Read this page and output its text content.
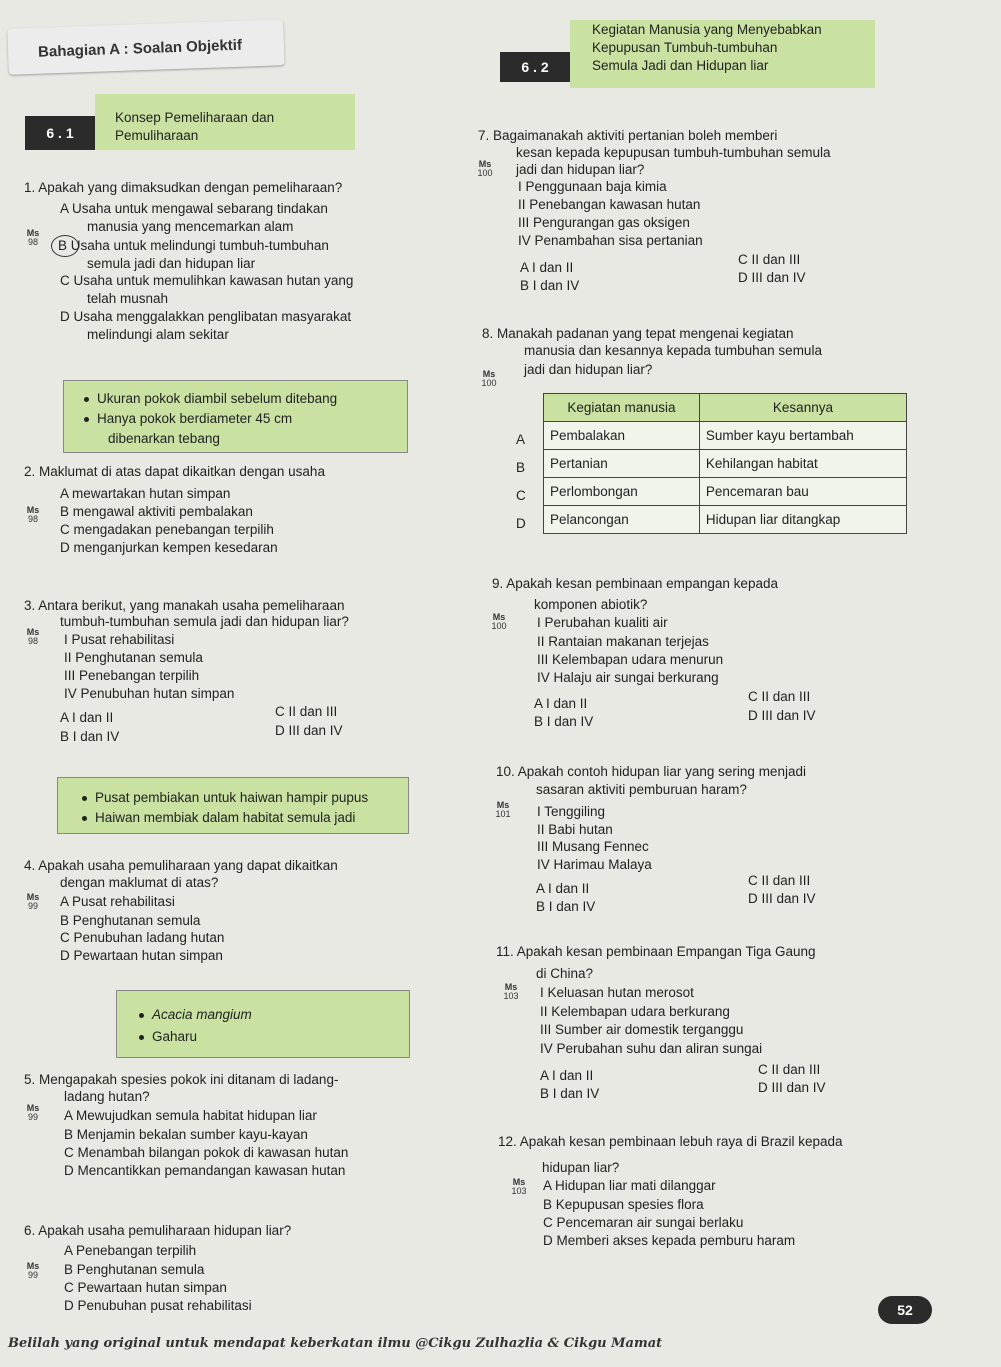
Bahagian A : Soalan Objektif
6 . 2
Kegiatan Manusia yang Menyebabkan
Kepupusan Tumbuh-tumbuhan
Semula Jadi dan Hidupan liar
6 . 1
Konsep Pemeliharaan dan
Pemuliharaan
1. Apakah yang dimaksudkan dengan pemeliharaan?
Ms
98
A Usaha untuk mengawal sebarang tindakan
manusia yang mencemarkan alam
B Usaha untuk melindungi tumbuh-tumbuhan
semula jadi dan hidupan liar
C Usaha untuk memulihkan kawasan hutan yang
telah musnah
D Usaha menggalakkan penglibatan masyarakat
melindungi alam sekitar
Ukuran pokok diambil sebelum ditebang
Hanya pokok berdiameter 45 cm
dibenarkan tebang
2. Maklumat di atas dapat dikaitkan dengan usaha
Ms
98
A mewartakan hutan simpan
B mengawal aktiviti pembalakan
C mengadakan penebangan terpilih
D menganjurkan kempen kesedaran
3. Antara berikut, yang manakah usaha pemeliharaan
tumbuh-tumbuhan semula jadi dan hidupan liar?
Ms
98	I Pusat rehabilitasi
II Penghutanan semula
III Penebangan terpilih
IV Penubuhan hutan simpan
A I dan II
B I dan IV
C II dan III
D III dan IV
Pusat pembiakan untuk haiwan hampir pupus
Haiwan membiak dalam habitat semula jadi
4. Apakah usaha pemuliharaan yang dapat dikaitkan
dengan maklumat di atas?
Ms
99	A Pusat rehabilitasi
B Penghutanan semula
C Penubuhan ladang hutan
D Pewartaan hutan simpan
Acacia mangium
Gaharu
5. Mengapakah spesies pokok ini ditanam di ladang-
ladang hutan?
Ms
99	A Mewujudkan semula habitat hidupan liar
B Menjamin bekalan sumber kayu-kayan
C Menambah bilangan pokok di kawasan hutan
D Mencantikkan pemandangan kawasan hutan
6. Apakah usaha pemuliharaan hidupan liar?
Ms
99
A Penebangan terpilih
B Penghutanan semula
C Pewartaan hutan simpan
D Penubuhan pusat rehabilitasi
7. Bagaimanakah aktiviti pertanian boleh memberi
kesan kepada kepupusan tumbuh-tumbuhan semula
Ms
100 jadi dan hidupan liar?
I Penggunaan baja kimia
II Penebangan kawasan hutan
III Pengurangan gas oksigen
IV Penambahan sisa pertanian
A I dan II
B I dan IV
C II dan III
D III dan IV
8. Manakah padanan yang tepat mengenai kegiatan
manusia dan kesannya kepada tumbuhan semula
Ms
100
jadi dan hidupan liar?
A
B
C
D
Kegiatan manusia	Kesannya
Pembalakan	Sumber kayu bertambah
Pertanian	Kehilangan habitat
Perlombongan	Pencemaran bau
Pelancongan	Hidupan liar ditangkap
9. Apakah kesan pembinaan empangan kepada
komponen abiotik?
Ms
100 I Perubahan kualiti air
II Rantaian makanan terjejas
III Kelembapan udara menurun
IV Halaju air sungai berkurang
A I dan II
B I dan IV
C II dan III
D III dan IV
10. Apakah contoh hidupan liar yang sering menjadi
sasaran aktiviti pemburuan haram?
Ms
101 I Tenggiling
II Babi hutan
III Musang Fennec
IV Harimau Malaya
A I dan II
B I dan IV
C II dan III
D III dan IV
11. Apakah kesan pembinaan Empangan Tiga Gaung
di China?
Ms
103 I Keluasan hutan merosot
II Kelembapan udara berkurang
III Sumber air domestik terganggu
IV Perubahan suhu dan aliran sungai
A I dan II
B I dan IV
C II dan III
D III dan IV
12. Apakah kesan pembinaan lebuh raya di Brazil kepada
hidupan liar?
Ms
103 A Hidupan liar mati dilanggar
B Kepupusan spesies flora
C Pencemaran air sungai berlaku
D Memberi akses kepada pemburu haram
Belilah yang original untuk mendapat keberkatan ilmu @Cikgu Zulhazlia & Cikgu Mamat
52
